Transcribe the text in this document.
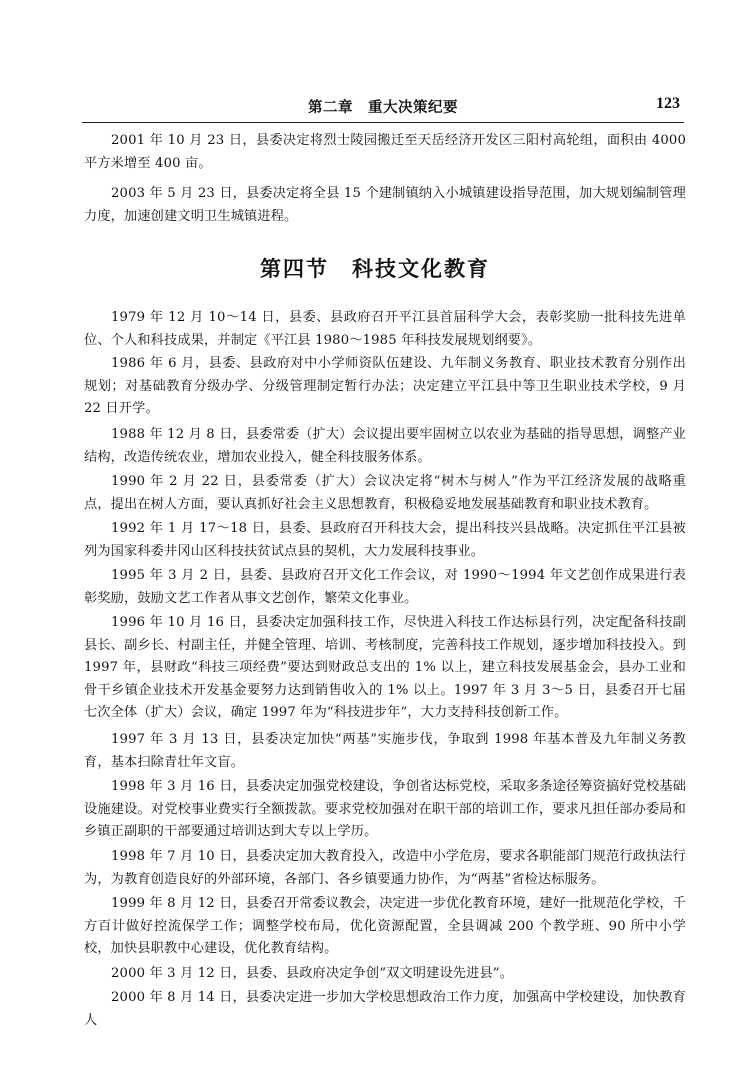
第二章　重大决策纪要	123

2001 年 10 月 23 日，县委决定将烈士陵园搬迁至天岳经济开发区三阳村高轮组，面积由 4000 平方米增至 400 亩。

2003 年 5 月 23 日，县委决定将全县 15 个建制镇纳入小城镇建设指导范围，加大规划编制管理力度，加速创建文明卫生城镇进程。

第四节　科技文化教育

1979 年 12 月 10～14 日，县委、县政府召开平江县首届科学大会，表彰奖励一批科技先进单位、个人和科技成果，并制定《平江县 1980～1985 年科技发展规划纲要》。

1986 年 6 月，县委、县政府对中小学师资队伍建设、九年制义务教育、职业技术教育分别作出规划；对基础教育分级办学、分级管理制定暂行办法；决定建立平江县中等卫生职业技术学校，9 月 22 日开学。

1988 年 12 月 8 日，县委常委（扩大）会议提出要牢固树立以农业为基础的指导思想，调整产业结构，改造传统农业，增加农业投入，健全科技服务体系。

1990 年 2 月 22 日，县委常委（扩大）会议决定将“树木与树人”作为平江经济发展的战略重点，提出在树人方面，要认真抓好社会主义思想教育，积极稳妥地发展基础教育和职业技术教育。

1992 年 1 月 17～18 日，县委、县政府召开科技大会，提出科技兴县战略。决定抓住平江县被列为国家科委井冈山区科技扶贫试点县的契机，大力发展科技事业。

1995 年 3 月 2 日，县委、县政府召开文化工作会议，对 1990～1994 年文艺创作成果进行表彰奖励，鼓励文艺工作者从事文艺创作，繁荣文化事业。

1996 年 10 月 16 日，县委决定加强科技工作，尽快进入科技工作达标县行列，决定配备科技副县长、副乡长、村副主任，并健全管理、培训、考核制度，完善科技工作规划，逐步增加科技投入。到 1997 年，县财政“科技三项经费”要达到财政总支出的 1% 以上，建立科技发展基金会，县办工业和骨干乡镇企业技术开发基金要努力达到销售收入的 1% 以上。1997 年 3 月 3～5 日，县委召开七届七次全体（扩大）会议，确定 1997 年为“科技进步年”，大力支持科技创新工作。

1997 年 3 月 13 日，县委决定加快“两基”实施步伐，争取到 1998 年基本普及九年制义务教育，基本扫除青壮年文盲。

1998 年 3 月 16 日，县委决定加强党校建设，争创省达标党校，采取多条途径筹资搞好党校基础设施建设。对党校事业费实行全额拨款。要求党校加强对在职干部的培训工作，要求凡担任部办委局和乡镇正副职的干部要通过培训达到大专以上学历。

1998 年 7 月 10 日，县委决定加大教育投入，改造中小学危房，要求各职能部门规范行政执法行为，为教育创造良好的外部环境，各部门、各乡镇要通力协作，为“两基”省检达标服务。

1999 年 8 月 12 日，县委召开常委议教会，决定进一步优化教育环境，建好一批规范化学校，千方百计做好控流保学工作；调整学校布局，优化资源配置，全县调减 200 个教学班、90 所中小学校，加快县职教中心建设，优化教育结构。

2000 年 3 月 12 日，县委、县政府决定争创“双文明建设先进县”。

2000 年 8 月 14 日，县委决定进一步加大学校思想政治工作力度，加强高中学校建设，加快教育人
